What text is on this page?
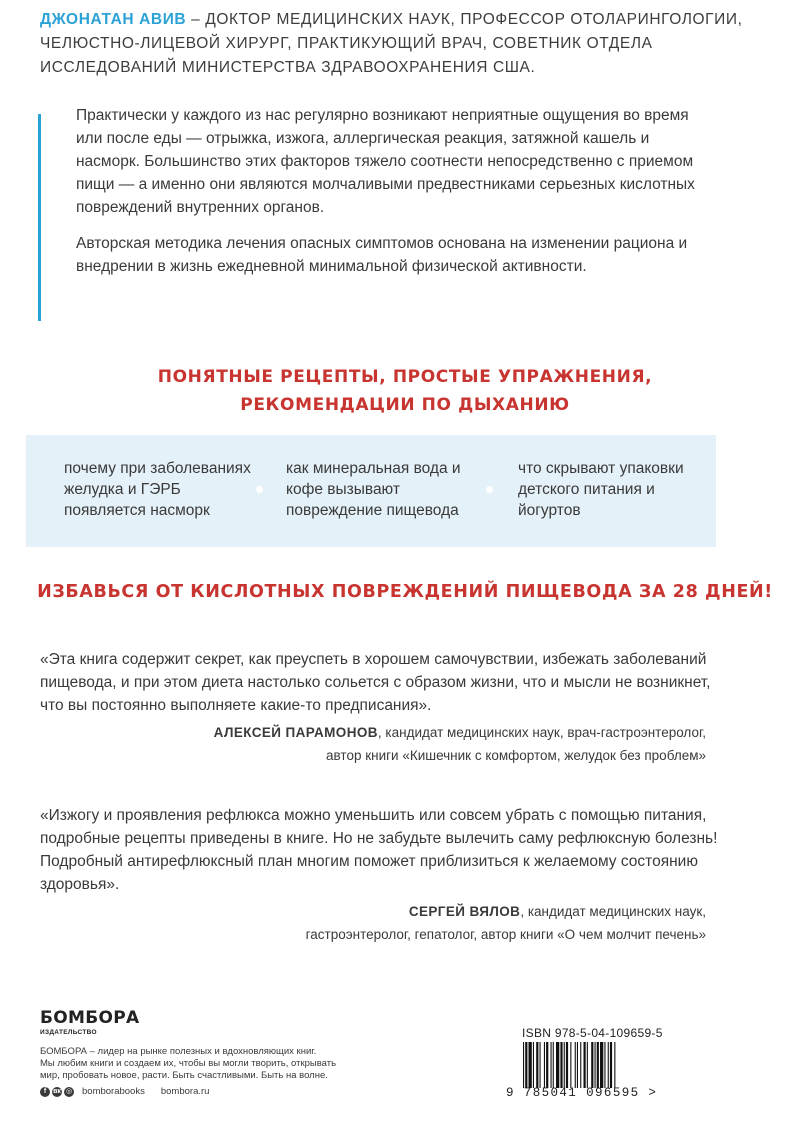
ДЖОНАТАН АВИВ – ДОКТОР МЕДИЦИНСКИХ НАУК, ПРОФЕССОР ОТОЛАРИНГОЛОГИИ, ЧЕЛЮСТНО-ЛИЦЕВОЙ ХИРУРГ, ПРАКТИКУЮЩИЙ ВРАЧ, СОВЕТНИК ОТДЕЛА ИССЛЕДОВАНИЙ МИНИСТЕРСТВА ЗДРАВООХРАНЕНИЯ США.

Практически у каждого из нас регулярно возникают неприятные ощущения во время или после еды — отрыжка, изжога, аллергическая реакция, затяжной кашель и насморк. Большинство этих факторов тяжело соотнести непосредственно с приемом пищи — а именно они являются молчаливыми предвестниками серьезных кислотных повреждений внутренних органов.

Авторская методика лечения опасных симптомов основана на изменении рациона и внедрении в жизнь ежедневной минимальной физической активности.

ПОНЯТНЫЕ РЕЦЕПТЫ, ПРОСТЫЕ УПРАЖНЕНИЯ,
РЕКОМЕНДАЦИИ ПО ДЫХАНИЮ
почему при заболеваниях желудка и ГЭРБ появляется насморк
как минеральная вода и кофе вызывают повреждение пищевода
что скрывают упаковки детского питания и йогуртов
ИЗБАВЬСЯ ОТ КИСЛОТНЫХ ПОВРЕЖДЕНИЙ ПИЩЕВОДА ЗА 28 ДНЕЙ!
«Эта книга содержит секрет, как преуспеть в хорошем самочувствии, избежать заболеваний пищевода, и при этом диета настолько сольется с образом жизни, что и мысли не возникнет, что вы постоянно выполняете какие-то предписания».
АЛЕКСЕЙ ПАРАМОНОВ, кандидат медицинских наук, врач-гастроэнтеролог,
автор книги «Кишечник с комфортом, желудок без проблем»
«Изжогу и проявления рефлюкса можно уменьшить или совсем убрать с помощью питания, подробные рецепты приведены в книге. Но не забудьте вылечить саму рефлюксную болезнь! Подробный антирефлюксный план многим поможет приблизиться к желаемому состоянию здоровья».
СЕРГЕЙ ВЯЛОВ, кандидат медицинских наук,
гастроэнтеролог, гепатолог, автор книги «О чем молчит печень»
БОМБОРА
ИЗДАТЕЛЬСТВО
БОМБОРА – лидер на рынке полезных и вдохновляющих книг.
Мы любим книги и создаем их, чтобы вы могли творить, открывать
мир, пробовать новое, расти. Быть счастливыми. Быть на волне.
f вк ◎ bomborabooks bombora.ru
ISBN 978-5-04-109659-5
9 785041 096595 >
